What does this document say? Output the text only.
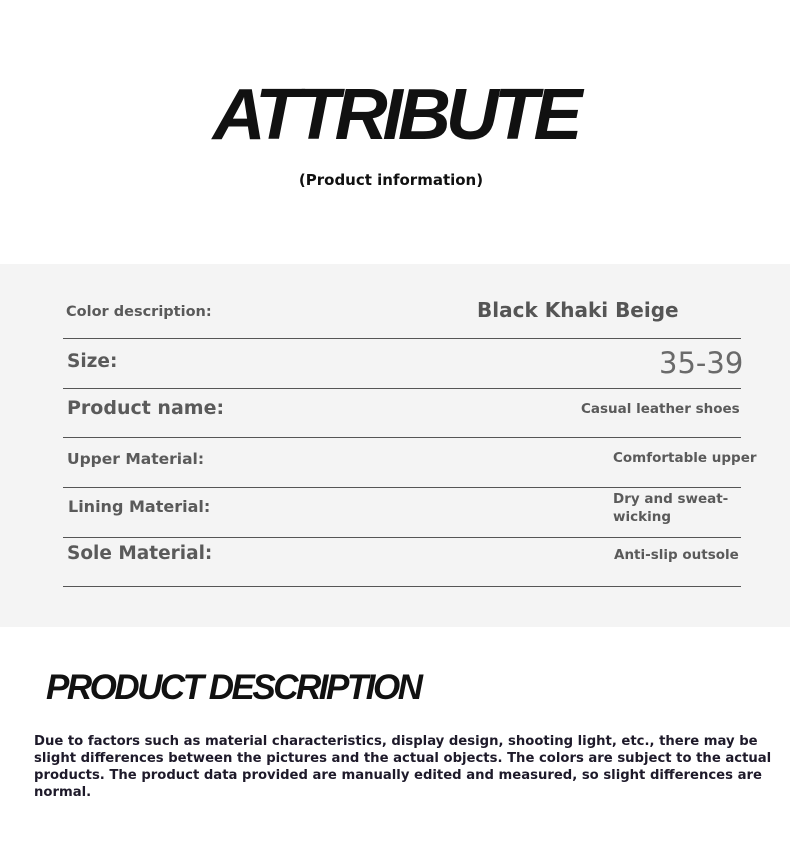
ATTRIBUTE
(Product information)
Color description:	Black Khaki Beige
Size:	35-39
Product name:	Casual leather shoes
Upper Material:	Comfortable upper
Lining Material:	Dry and sweat-wicking
Sole Material:	Anti-slip outsole
PRODUCT DESCRIPTION
Due to factors such as material characteristics, display design, shooting light, etc., there may be slight differences between the pictures and the actual objects. The colors are subject to the actual products. The product data provided are manually edited and measured, so slight differences are normal.
